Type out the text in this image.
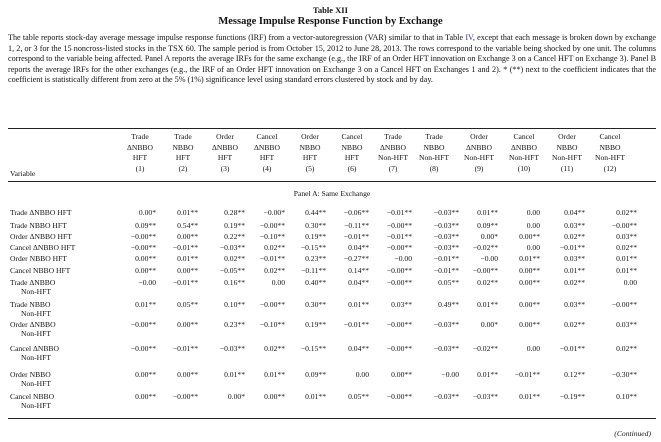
Table XII
Message Impulse Response Function by Exchange
The table reports stock-day average message impulse response functions (IRF) from a vector-autoregression (VAR) similar to that in Table IV, except that each message is broken down by exchange 1, 2, or 3 for the 15 noncross-listed stocks in the TSX 60. The sample period is from October 15, 2012 to June 28, 2013. The rows correspond to the variable being shocked by one unit. The columns correspond to the variable being affected. Panel A reports the average IRFs for the same exchange (e.g., the IRF of an Order HFT innovation on Exchange 3 on a Cancel HFT on Exchange 3). Panel B reports the average IRFs for the other exchanges (e.g., the IRF of an Order HFT innovation on Exchange 3 on a Cancel HFT on Exchanges 1 and 2). * (**) next to the coefficient indicates that the coefficient is statistically different from zero at the 5% (1%) significance level using standard errors clustered by stock and by day.
Variable
Trade
ΔNBBO
HFT
(1)
Trade
NBBO
HFT
(2)
Order
ΔNBBO
HFT
(3)
Cancel
ΔNBBO
HFT
(4)
Order
NBBO
HFT
(5)
Cancel
NBBO
HFT
(6)
Trade
ΔNBBO
Non-HFT
(7)
Trade
NBBO
Non-HFT
(8)
Order
ΔNBBO
Non-HFT
(9)
Cancel
ΔNBBO
Non-HFT
(10)
Order
NBBO
Non-HFT
(11)
Cancel
NBBO
Non-HFT
(12)
Panel A: Same Exchange
Trade ΔNBBO HFT	0.00*	0.01**	0.28**	−0.00*	0.44**	−0.06**	−0.01**	−0.03**	0.01**	0.00	0.04**	0.02**
Trade NBBO HFT	0.09**	0.54**	0.19**	−0.00**	0.30**	−0.11**	−0.00**	−0.03**	0.09**	0.00	0.03**	−0.00**
Order ΔNBBO HFT	−0.00**	0.00**	0.22**	−0.10**	0.19**	−0.01**	−0.01**	−0.03**	0.00*	0.00**	0.02**	0.03**
Cancel ΔNBBO HFT	−0.00**	−0.01**	−0.03**	0.02**	−0.15**	0.04**	−0.00**	−0.03**	−0.02**	0.00	−0.01**	0.02**
Order NBBO HFT	0.00**	0.01**	0.02**	−0.01**	0.23**	−0.27**	−0.00	−0.01**	−0.00	0.01**	0.03**	0.01**
Cancel NBBO HFT	0.00**	0.00**	−0.05**	0.02**	−0.11**	0.14**	−0.00**	−0.01**	−0.00**	0.00**	0.01**	0.01**
Trade ΔNBBO
Non-HFT
−0.00	−0.01**	0.16**	0.00	0.40**	0.04**	−0.00**	0.05**	0.02**	0.00**	0.02**	0.00
Trade NBBO
Non-HFT
0.01**	0.05**	0.10**	−0.00**	0.30**	0.01**	0.03**	0.49**	0.01**	0.00**	0.03**	−0.00**
Order ΔNBBO
Non-HFT
−0.00**	0.00**	0.23**	−0.10**	0.19**	−0.01**	−0.00**	−0.03**	0.00*	0.00**	0.02**	0.03**
Cancel ΔNBBO
Non-HFT
−0.00**	−0.01**	−0.03**	0.02**	−0.15**	0.04**	−0.00**	−0.03**	−0.02**	0.00	−0.01**	0.02**
Order NBBO
Non-HFT
0.00**	0.00**	0.01**	0.01**	0.09**	0.00	0.00**	−0.00	0.01**	−0.01**	0.12**	−0.30**
Cancel NBBO
Non-HFT
0.00**	−0.00**	0.00*	0.00**	0.01**	0.05**	−0.00**	−0.03**	−0.03**	0.01**	−0.19**	0.10**
(Continued)
